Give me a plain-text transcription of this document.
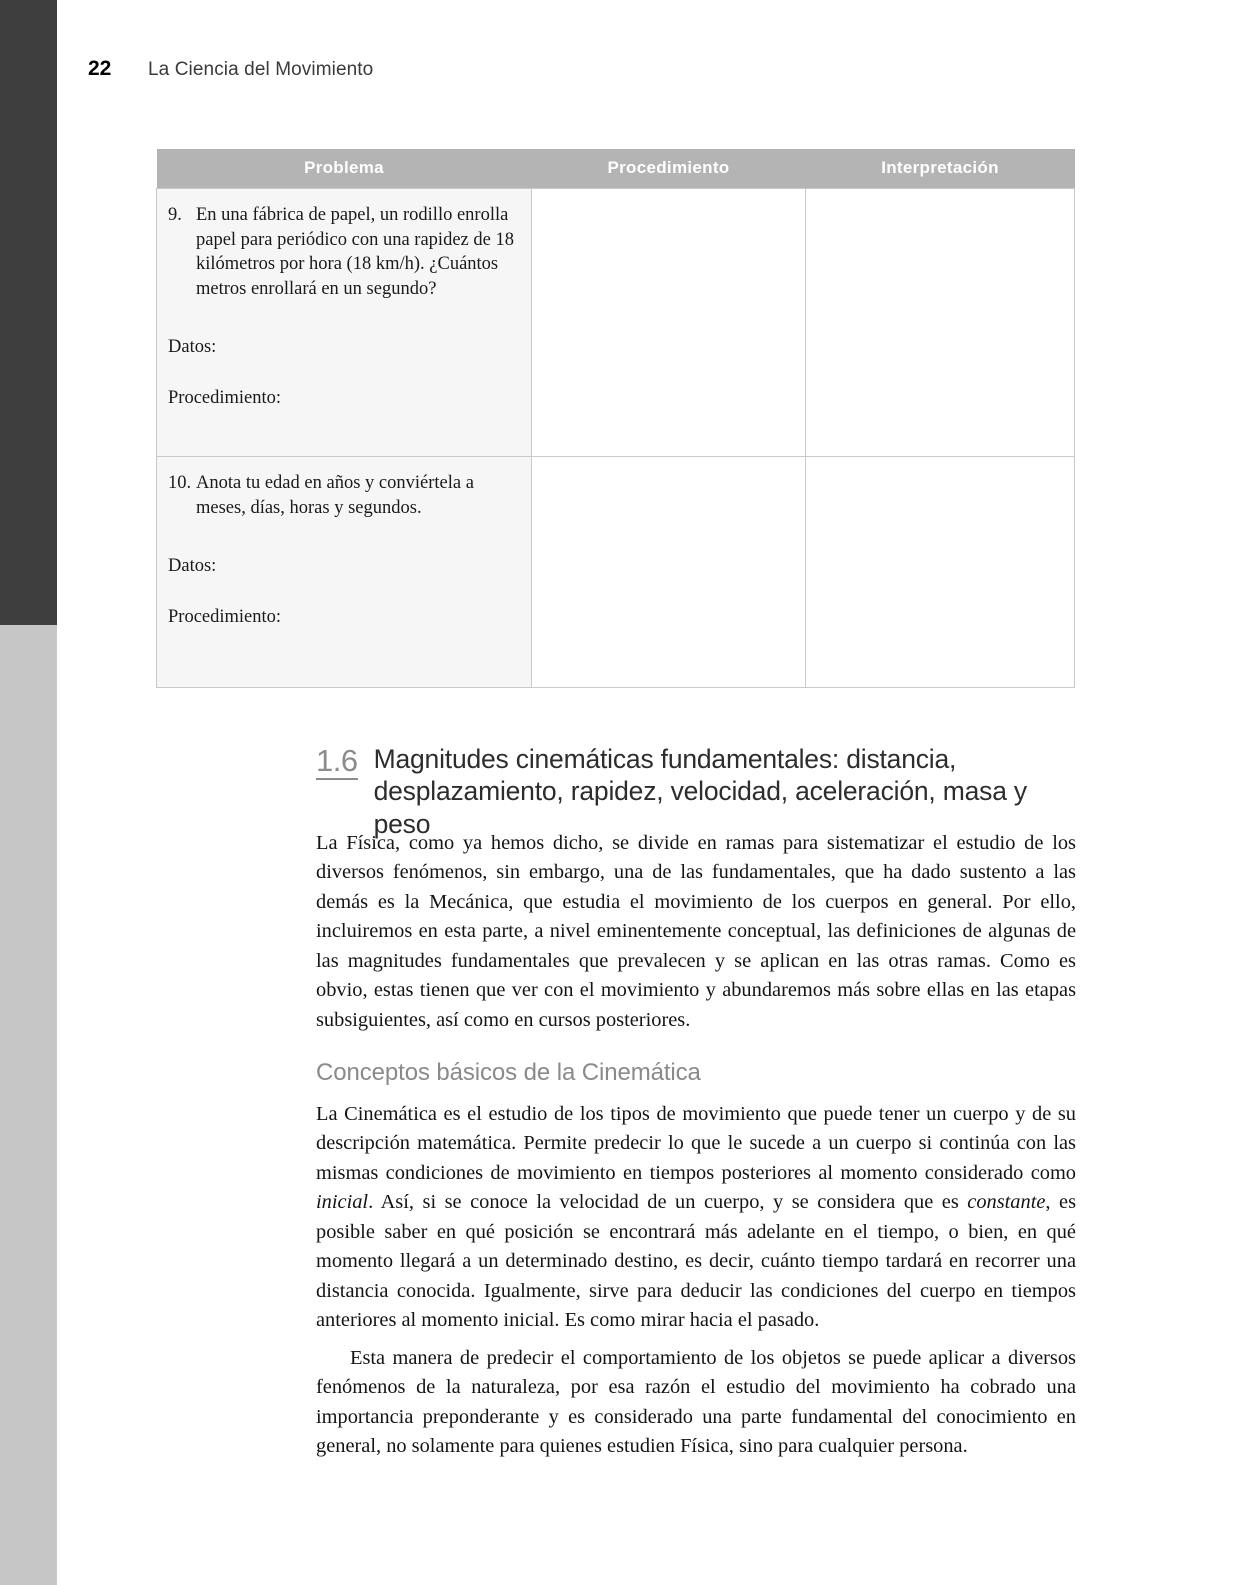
22	La Ciencia del Movimiento
Problema	Procedimiento	Interpretación

9. En una fábrica de papel, un rodillo enrolla papel para periódico con una rapidez de 18 kilómetros por hora (18 km/h). ¿Cuántos metros enrollará en un segundo?
Datos:
Procedimiento:		

10. Anota tu edad en años y conviértela a meses, días, horas y segundos.
Datos:
Procedimiento:		

1.6 Magnitudes cinemáticas fundamentales: distancia, desplazamiento, rapidez, velocidad, aceleración, masa y peso

La Física, como ya hemos dicho, se divide en ramas para sistematizar el estudio de los diversos fenómenos, sin embargo, una de las fundamentales, que ha dado sustento a las demás es la Mecánica, que estudia el movimiento de los cuerpos en general. Por ello, incluiremos en esta parte, a nivel eminentemente conceptual, las definiciones de algunas de las magnitudes fundamentales que prevalecen y se aplican en las otras ramas. Como es obvio, estas tienen que ver con el movimiento y abundaremos más sobre ellas en las etapas subsiguientes, así como en cursos posteriores.

Conceptos básicos de la Cinemática

La Cinemática es el estudio de los tipos de movimiento que puede tener un cuerpo y de su descripción matemática. Permite predecir lo que le sucede a un cuerpo si continúa con las mismas condiciones de movimiento en tiempos posteriores al momento considerado como inicial. Así, si se conoce la velocidad de un cuerpo, y se considera que es constante, es posible saber en qué posición se encontrará más adelante en el tiempo, o bien, en qué momento llegará a un determinado destino, es decir, cuánto tiempo tardará en recorrer una distancia conocida. Igualmente, sirve para deducir las condiciones del cuerpo en tiempos anteriores al momento inicial. Es como mirar hacia el pasado.

Esta manera de predecir el comportamiento de los objetos se puede aplicar a diversos fenómenos de la naturaleza, por esa razón el estudio del movimiento ha cobrado una importancia preponderante y es considerado una parte fundamental del conocimiento en general, no solamente para quienes estudien Física, sino para cualquier persona.
